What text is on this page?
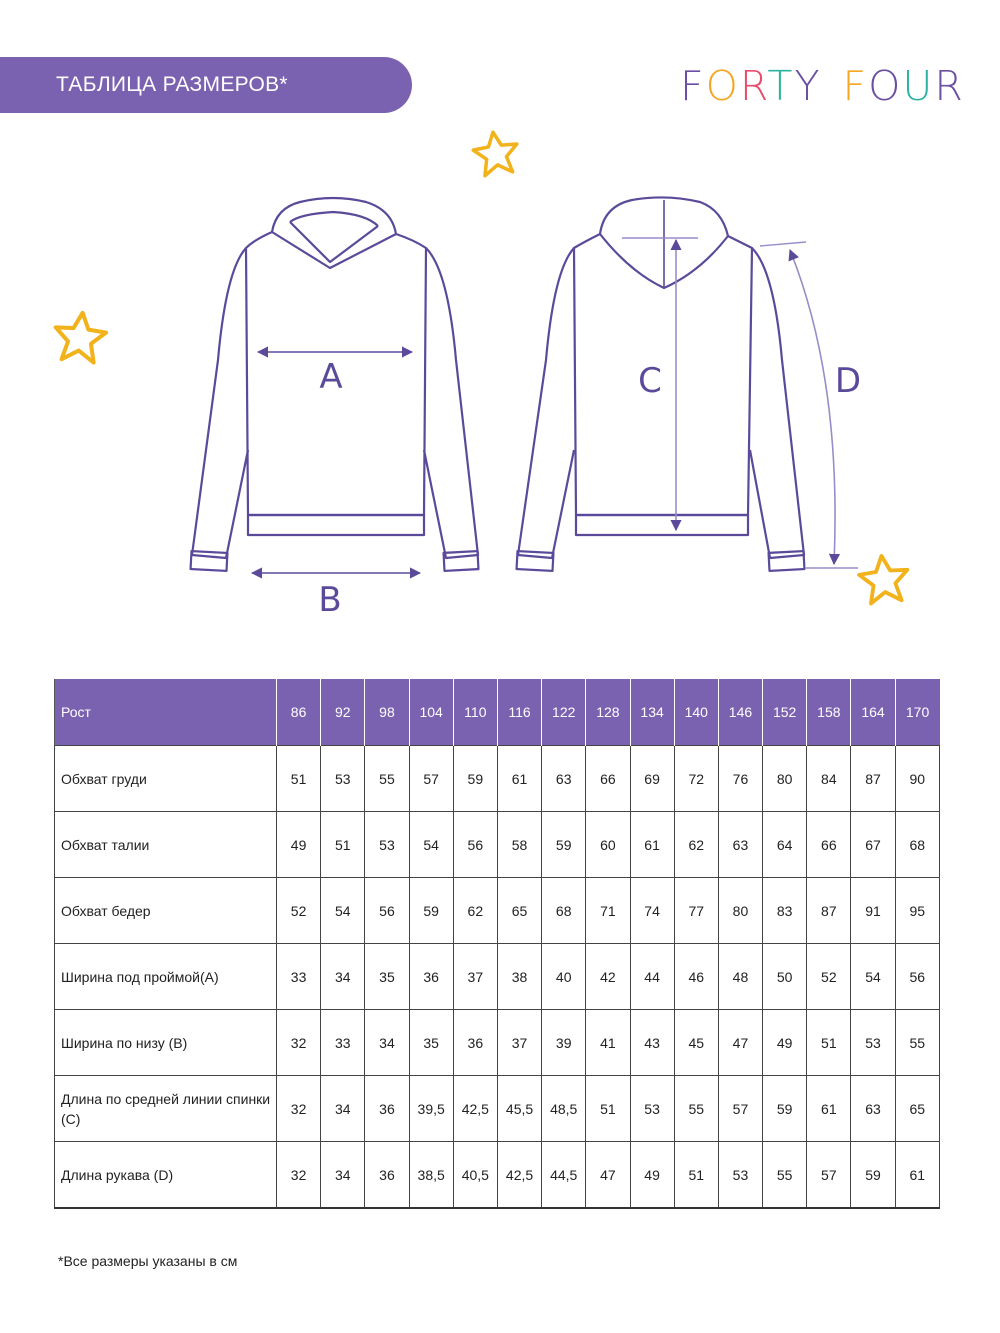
ТАБЛИЦА РАЗМЕРОВ*	FORTY FOUR
A
B
C	D
Рост	86	92	98	104	110	116	122	128	134	140	146	152	158	164	170
Обхват груди	51	53	55	57	59	61	63	66	69	72	76	80	84	87	90
Обхват талии	49	51	53	54	56	58	59	60	61	62	63	64	66	67	68
Обхват бедер	52	54	56	59	62	65	68	71	74	77	80	83	87	91	95
Ширина под проймой(A)	33	34	35	36	37	38	40	42	44	46	48	50	52	54	56
Ширина по низу (B)	32	33	34	35	36	37	39	41	43	45	47	49	51	53	55
Длина по средней линии спинки (C)	32	34	36	39,5	42,5	45,5	48,5	51	53	55	57	59	61	63	65
Длина рукава (D)	32	34	36	38,5	40,5	42,5	44,5	47	49	51	53	55	57	59	61
*Все размеры указаны в см
